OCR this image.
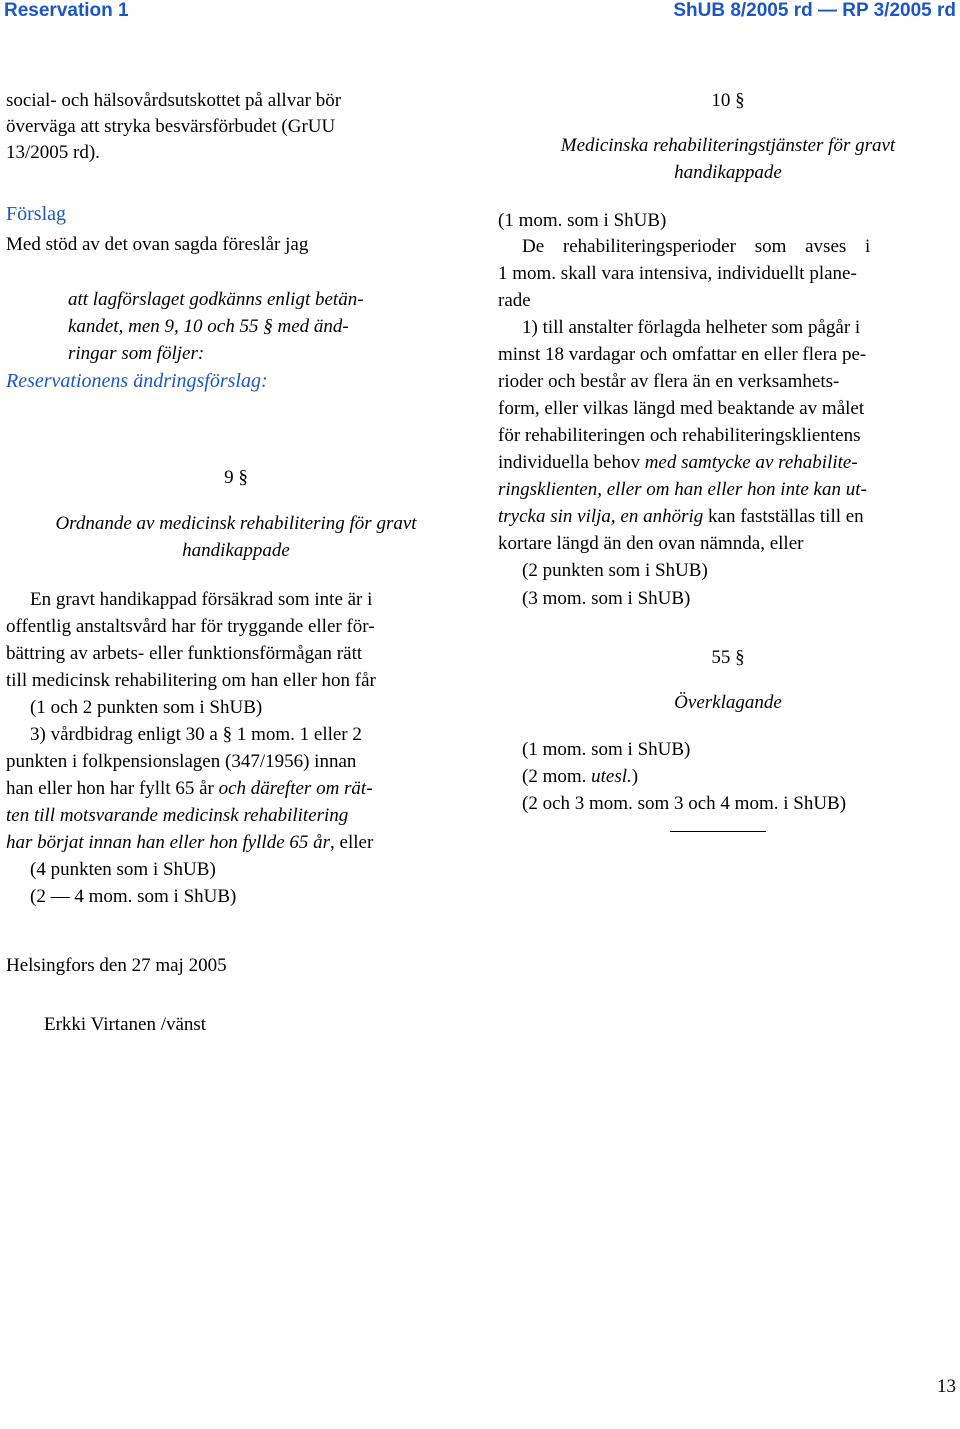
Reservation 1	ShUB 8/2005 rd — RP 3/2005 rd
social- och hälsovårdsutskottet på allvar bör
överväga att stryka besvärsförbudet (GrUU
13/2005 rd).
Förslag
Med stöd av det ovan sagda föreslår jag
att lagförslaget godkänns enligt betän-
kandet, men 9, 10 och 55 § med änd-
ringar som följer:
Reservationens ändringsförslag:
9 §
Ordnande av medicinsk rehabilitering för gravt
handikappade
En gravt handikappad försäkrad som inte är i
offentlig anstaltsvård har för tryggande eller för-
bättring av arbets- eller funktionsförmågan rätt
till medicinsk rehabilitering om han eller hon får
(1 och 2 punkten som i ShUB)
3) vårdbidrag enligt 30 a § 1 mom. 1 eller 2
punkten i folkpensionslagen (347/1956) innan
han eller hon har fyllt 65 år och därefter om rät-
ten till motsvarande medicinsk rehabilitering
har börjat innan han eller hon fyllde 65 år, eller
(4 punkten som i ShUB)
(2 — 4 mom. som i ShUB)
Helsingfors den 27 maj 2005
Erkki Virtanen /vänst
10 §
Medicinska rehabiliteringstjänster för gravt
handikappade
(1 mom. som i ShUB)
De rehabiliteringsperioder som avses i
1 mom. skall vara intensiva, individuellt plane-
rade
1) till anstalter förlagda helheter som pågår i
minst 18 vardagar och omfattar en eller flera pe-
rioder och består av flera än en verksamhets-
form, eller vilkas längd med beaktande av målet
för rehabiliteringen och rehabiliteringsklientens
individuella behov med samtycke av rehabilite-
ringsklienten, eller om han eller hon inte kan ut-
trycka sin vilja, en anhörig kan fastställas till en
kortare längd än den ovan nämnda, eller
(2 punkten som i ShUB)
(3 mom. som i ShUB)
55 §
Överklagande
(1 mom. som i ShUB)
(2 mom. utesl.)
(2 och 3 mom. som 3 och 4 mom. i ShUB)
13
